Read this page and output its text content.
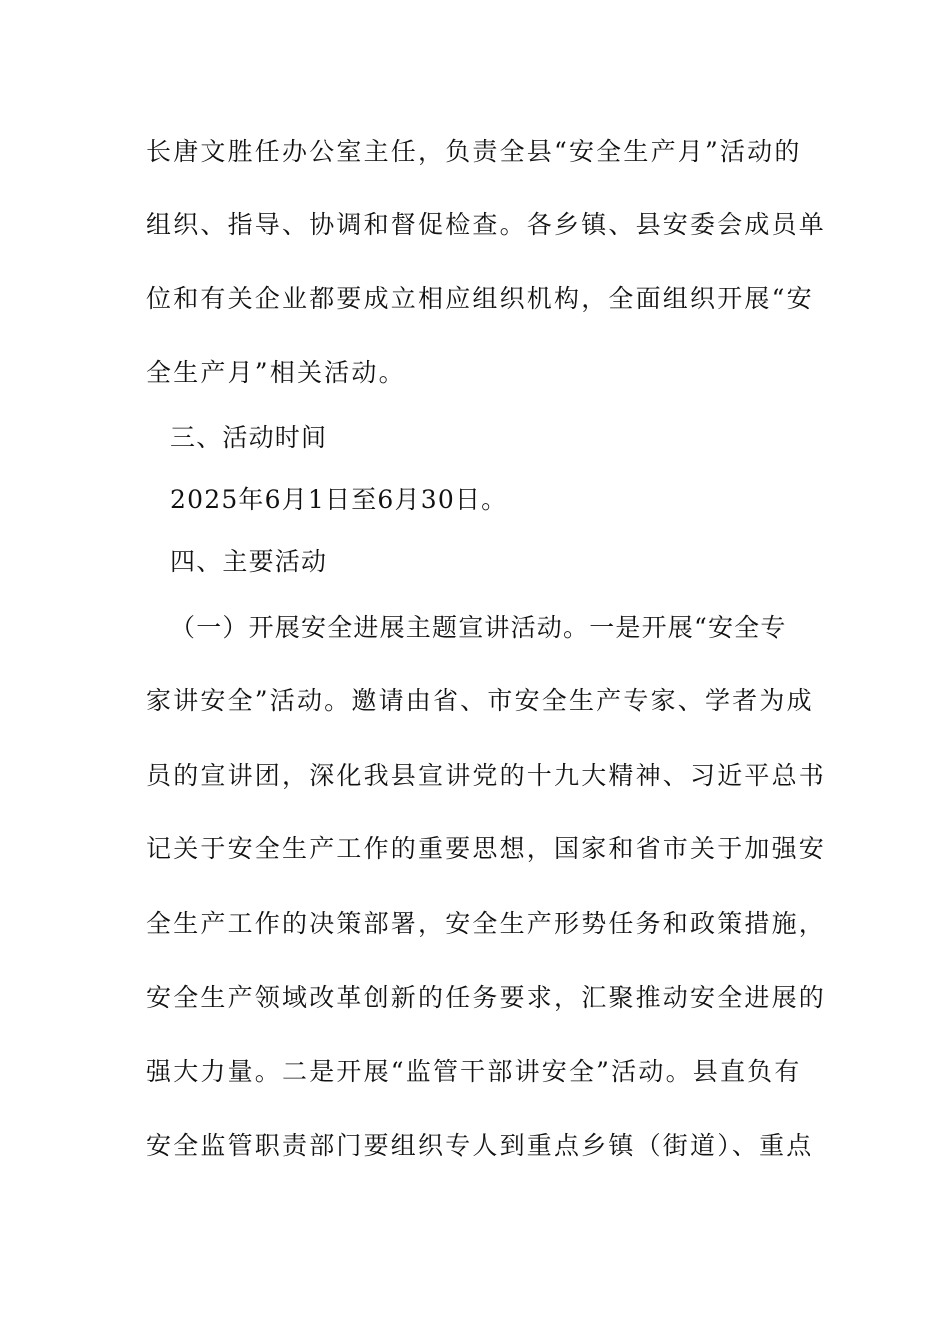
长唐文胜任办公室主任，负责全县“安全生产月”活动的
组织、指导、协调和督促检查。各乡镇、县安委会成员单
位和有关企业都要成立相应组织机构，全面组织开展“安
全生产月”相关活动。
三、活动时间
2025年6月1日至6月30日。
四、主要活动
（一）开展安全进展主题宣讲活动。一是开展“安全专
家讲安全”活动。邀请由省、市安全生产专家、学者为成
员的宣讲团，深化我县宣讲党的十九大精神、习近平总书
记关于安全生产工作的重要思想，国家和省市关于加强安
全生产工作的决策部署，安全生产形势任务和政策措施，
安全生产领域改革创新的任务要求，汇聚推动安全进展的
强大力量。二是开展“监管干部讲安全”活动。县直负有
安全监管职责部门要组织专人到重点乡镇（街道）、重点
